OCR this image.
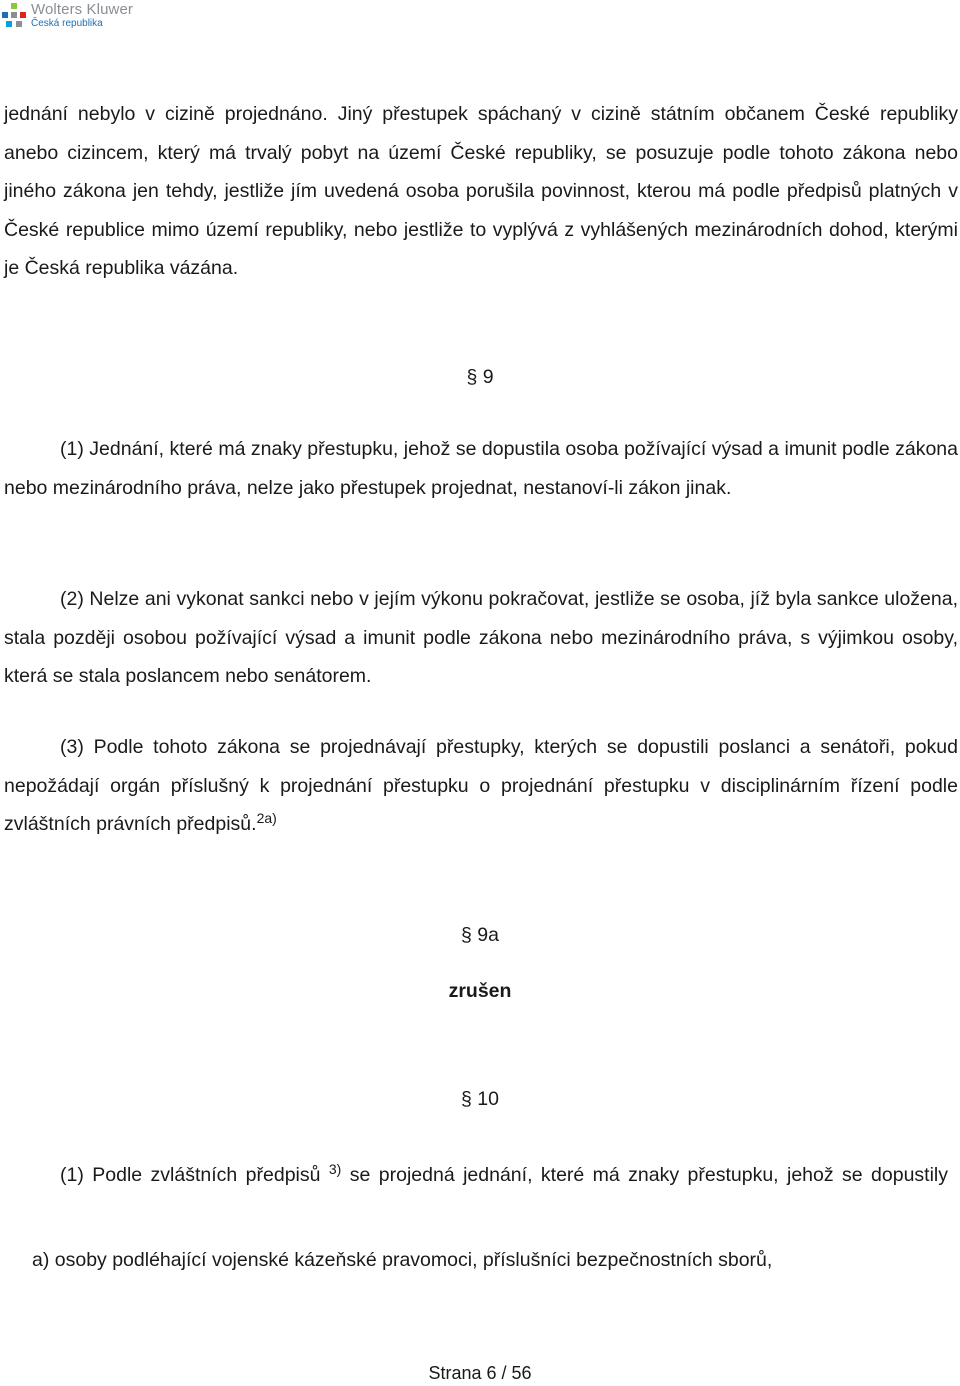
Wolters Kluwer
Česká republika

jednání nebylo v cizině projednáno. Jiný přestupek spáchaný v cizině státním občanem České republiky anebo cizincem, který má trvalý pobyt na území České republiky, se posuzuje podle tohoto zákona nebo jiného zákona jen tehdy, jestliže jím uvedená osoba porušila povinnost, kterou má podle předpisů platných v České republice mimo území republiky, nebo jestliže to vyplývá z vyhlášených mezinárodních dohod, kterými je Česká republika vázána.

§ 9

(1) Jednání, které má znaky přestupku, jehož se dopustila osoba požívající výsad a imunit podle zákona nebo mezinárodního práva, nelze jako přestupek projednat, nestanoví-li zákon jinak.

(2) Nelze ani vykonat sankci nebo v jejím výkonu pokračovat, jestliže se osoba, jíž byla sankce uložena, stala později osobou požívající výsad a imunit podle zákona nebo mezinárodního práva, s výjimkou osoby, která se stala poslancem nebo senátorem.

(3) Podle tohoto zákona se projednávají přestupky, kterých se dopustili poslanci a senátoři, pokud nepožádají orgán příslušný k projednání přestupku o projednání přestupku v disciplinárním řízení podle zvláštních právních předpisů.$^{2a)}$

§ 9a

zrušen

§ 10

(1) Podle zvláštních předpisů $^{3)}$ se projedná jednání, které má znaky přestupku, jehož se dopustily

a) osoby podléhající vojenské kázeňské pravomoci, příslušníci bezpečnostních sborů,

Strana 6 / 56
